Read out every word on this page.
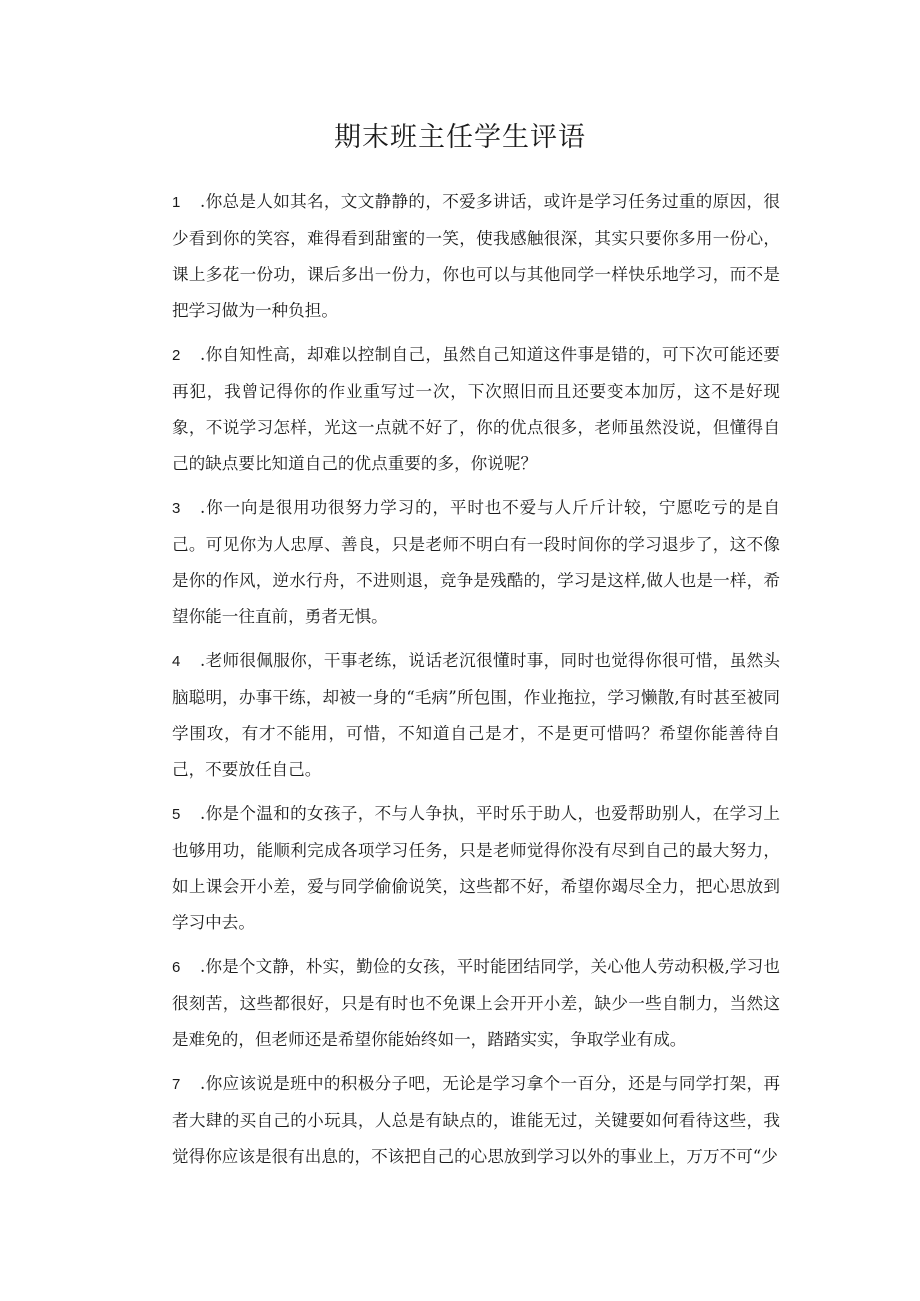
期末班主任学生评语

1 .你总是人如其名，文文静静的，不爱多讲话，或许是学习任务过重的原因，很少看到你的笑容，难得看到甜蜜的一笑，使我感触很深，其实只要你多用一份心，课上多花一份功，课后多出一份力，你也可以与其他同学一样快乐地学习，而不是把学习做为一种负担。

2 .你自知性高，却难以控制自己，虽然自己知道这件事是错的，可下次可能还要再犯，我曾记得你的作业重写过一次，下次照旧而且还要变本加厉，这不是好现象，不说学习怎样，光这一点就不好了，你的优点很多，老师虽然没说，但懂得自己的缺点要比知道自己的优点重要的多，你说呢？

3 .你一向是很用功很努力学习的，平时也不爱与人斤斤计较，宁愿吃亏的是自己。可见你为人忠厚、善良，只是老师不明白有一段时间你的学习退步了，这不像是你的作风，逆水行舟，不进则退，竞争是残酷的，学习是这样,做人也是一样，希望你能一往直前，勇者无惧。

4 .老师很佩服你，干事老练，说话老沉很懂时事，同时也觉得你很可惜，虽然头脑聪明，办事干练，却被一身的“毛病”所包围，作业拖拉，学习懒散,有时甚至被同学围攻，有才不能用，可惜，不知道自己是才，不是更可惜吗？希望你能善待自己，不要放任自己。

5 .你是个温和的女孩子，不与人争执，平时乐于助人，也爱帮助别人，在学习上也够用功，能顺利完成各项学习任务，只是老师觉得你没有尽到自己的最大努力，如上课会开小差，爱与同学偷偷说笑，这些都不好，希望你竭尽全力，把心思放到学习中去。

6 .你是个文静，朴实，勤俭的女孩，平时能团结同学，关心他人劳动积极,学习也很刻苦，这些都很好，只是有时也不免课上会开开小差，缺少一些自制力，当然这是难免的，但老师还是希望你能始终如一，踏踏实实，争取学业有成。

7 .你应该说是班中的积极分子吧，无论是学习拿个一百分，还是与同学打架，再者大肆的买自己的小玩具，人总是有缺点的，谁能无过，关键要如何看待这些，我觉得你应该是很有出息的，不该把自己的心思放到学习以外的事业上，万万不可“少
